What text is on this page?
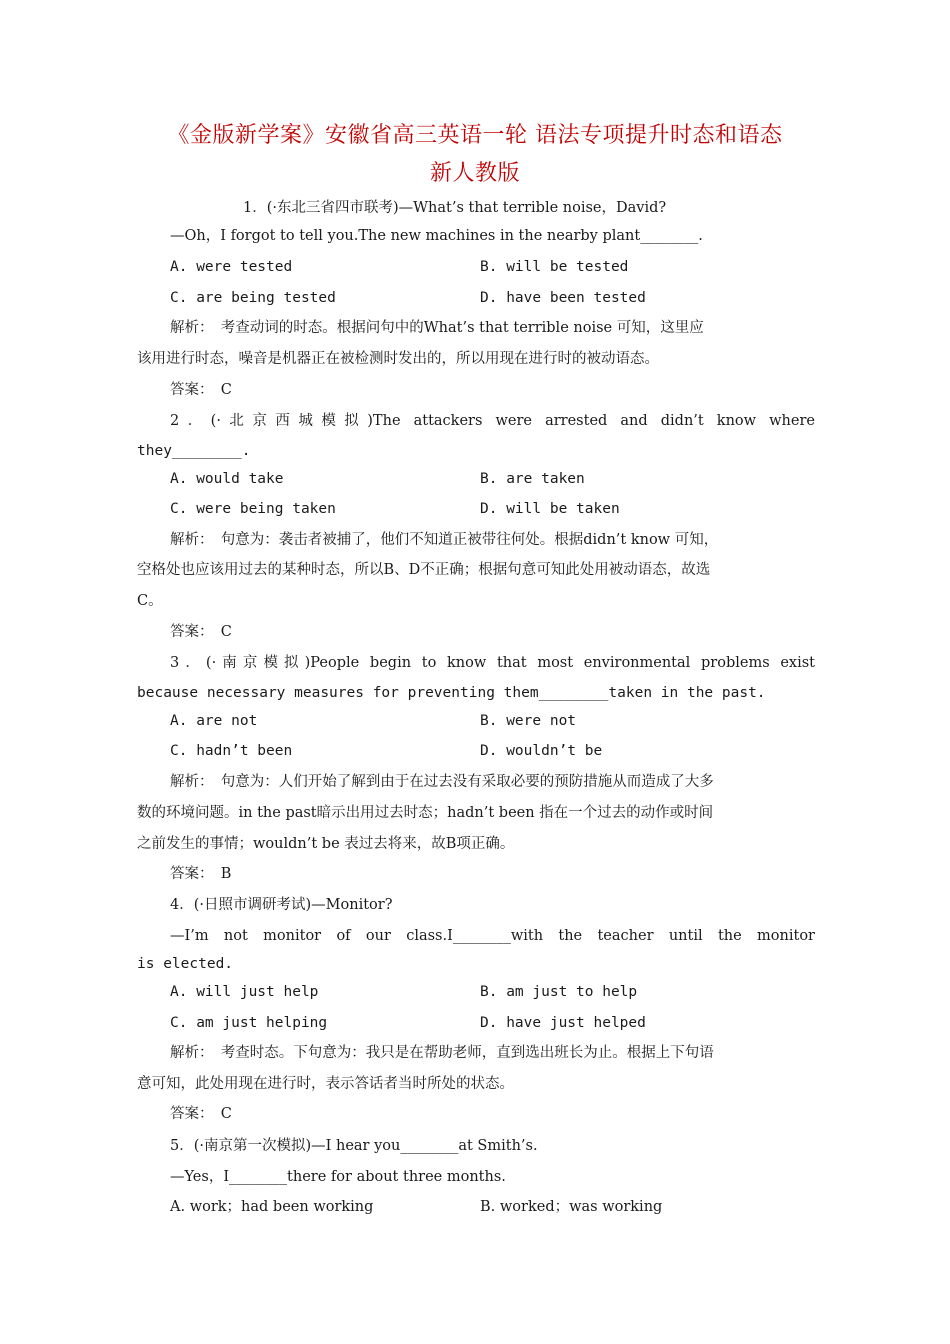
《金版新学案》安徽省高三英语一轮 语法专项提升时态和语态
新人教版
1．(·东北三省四市联考)—What’s that terrible noise，David?
—Oh，I forgot to tell you.The new machines in the nearby plant________.
A. were tested	B. will be tested
C. are being tested	D. have been tested
解析：　考查动词的时态。根据问句中的What’s that terrible noise 可知，这里应
该用进行时态，噪音是机器正在被检测时发出的，所以用现在进行时的被动语态。
答案：　C
2．(·北京西城模拟)The attackers were arrested and didn’t know where
they________.
A. would take	B. are taken
C. were being taken	D. will be taken
解析：　句意为：袭击者被捕了，他们不知道正被带往何处。根据didn’t know 可知，
空格处也应该用过去的某种时态，所以B、D不正确；根据句意可知此处用被动语态，故选
C。
答案：　C
3．(·南京模拟)People begin to know that most environmental problems exist
because necessary measures for preventing them________taken in the past.
A. are not	B. were not
C. hadn’t been	D. wouldn’t be
解析：　句意为：人们开始了解到由于在过去没有采取必要的预防措施从而造成了大多
数的环境问题。in the past暗示出用过去时态；hadn’t been 指在一个过去的动作或时间
之前发生的事情；wouldn’t be 表过去将来，故B项正确。
答案：　B
4．(·日照市调研考试)—Monitor?
—I’m not monitor of our class.I________with the teacher until the monitor
is elected.
A. will just help	B. am just to help
C. am just helping	D. have just helped
解析：　考查时态。下句意为：我只是在帮助老师，直到选出班长为止。根据上下句语
意可知，此处用现在进行时，表示答话者当时所处的状态。
答案：　C
5．(·南京第一次模拟)—I hear you________at Smith’s.
—Yes，I________there for about three months.
A. work；had been working	B. worked；was working
